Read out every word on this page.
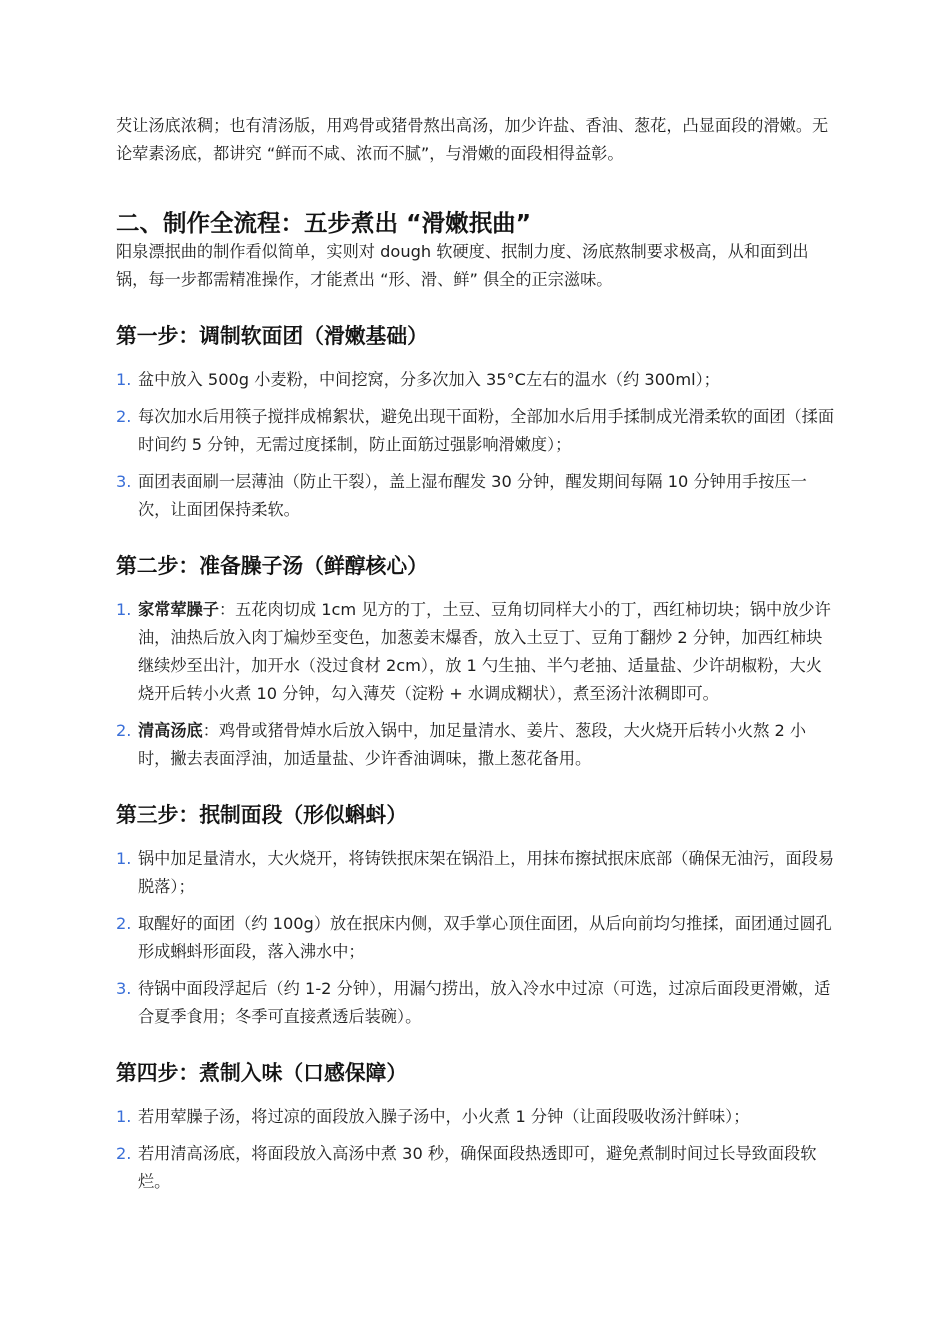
芡让汤底浓稠；也有清汤版，用鸡骨或猪骨熬出高汤，加少许盐、香油、葱花，凸显面段的滑嫩。无论荤素汤底，都讲究 “鲜而不咸、浓而不腻”，与滑嫩的面段相得益彰。

二、制作全流程：五步煮出 “滑嫩抿曲”

阳泉漂抿曲的制作看似简单，实则对 dough 软硬度、抿制力度、汤底熬制要求极高，从和面到出锅，每一步都需精准操作，才能煮出 “形、滑、鲜” 俱全的正宗滋味。

第一步：调制软面团（滑嫩基础）
1. 盆中放入 500g 小麦粉，中间挖窝，分多次加入 35°C左右的温水（约 300ml）；
2. 每次加水后用筷子搅拌成棉絮状，避免出现干面粉，全部加水后用手揉制成光滑柔软的面团（揉面时间约 5 分钟，无需过度揉制，防止面筋过强影响滑嫩度）；
3. 面团表面刷一层薄油（防止干裂），盖上湿布醒发 30 分钟，醒发期间每隔 10 分钟用手按压一次，让面团保持柔软。
第二步：准备臊子汤（鲜醇核心）
1. 家常荤臊子：五花肉切成 1cm 见方的丁，土豆、豆角切同样大小的丁，西红柿切块；锅中放少许油，油热后放入肉丁煸炒至变色，加葱姜末爆香，放入土豆丁、豆角丁翻炒 2 分钟，加西红柿块继续炒至出汁，加开水（没过食材 2cm），放 1 勺生抽、半勺老抽、适量盐、少许胡椒粉，大火烧开后转小火煮 10 分钟，勾入薄芡（淀粉 + 水调成糊状），煮至汤汁浓稠即可。
2. 清高汤底：鸡骨或猪骨焯水后放入锅中，加足量清水、姜片、葱段，大火烧开后转小火熬 2 小时，撇去表面浮油，加适量盐、少许香油调味，撒上葱花备用。
第三步：抿制面段（形似蝌蚪）
1. 锅中加足量清水，大火烧开，将铸铁抿床架在锅沿上，用抹布擦拭抿床底部（确保无油污，面段易脱落）；
2. 取醒好的面团（约 100g）放在抿床内侧，双手掌心顶住面团，从后向前均匀推揉，面团通过圆孔形成蝌蚪形面段，落入沸水中；
3. 待锅中面段浮起后（约 1-2 分钟），用漏勺捞出，放入冷水中过凉（可选，过凉后面段更滑嫩，适合夏季食用；冬季可直接煮透后装碗）。
第四步：煮制入味（口感保障）
1. 若用荤臊子汤，将过凉的面段放入臊子汤中，小火煮 1 分钟（让面段吸收汤汁鲜味）；
2. 若用清高汤底，将面段放入高汤中煮 30 秒，确保面段热透即可，避免煮制时间过长导致面段软烂。
